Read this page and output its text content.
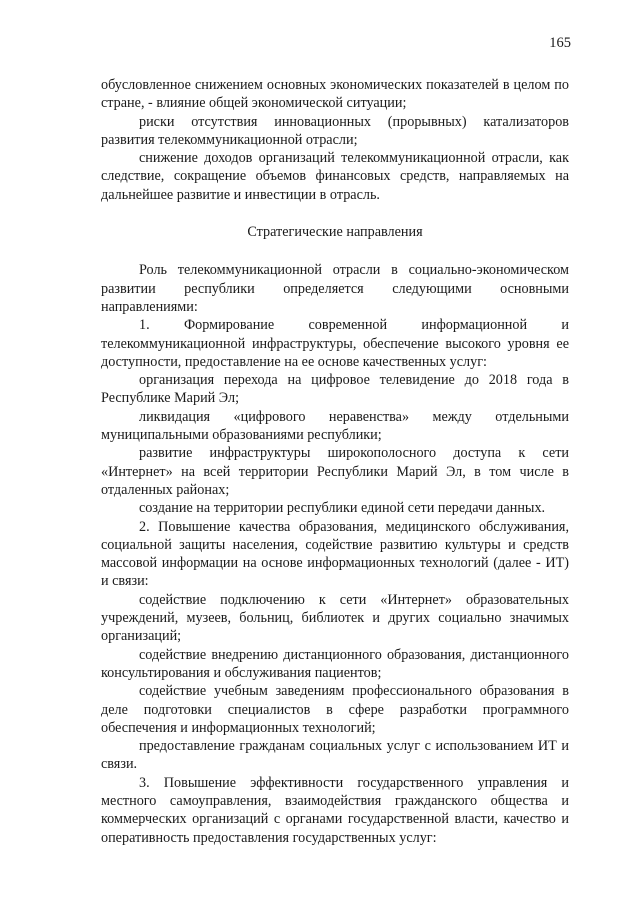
165

обусловленное снижением основных экономических показателей в целом по стране, - влияние общей экономической ситуации;

риски отсутствия инновационных (прорывных) катализаторов развития телекоммуникационной отрасли;

снижение доходов организаций телекоммуникационной отрасли, как следствие, сокращение объемов финансовых средств, направляемых на дальнейшее развитие и инвестиции в отрасль.

Стратегические направления

Роль телекоммуникационной отрасли в социально-экономическом развитии республики определяется следующими основными направлениями:

1. Формирование современной информационной и телекоммуникационной инфраструктуры, обеспечение высокого уровня ее доступности, предоставление на ее основе качественных услуг:

организация перехода на цифровое телевидение до 2018 года в Республике Марий Эл;

ликвидация «цифрового неравенства» между отдельными муниципальными образованиями республики;

развитие инфраструктуры широкополосного доступа к сети «Интернет» на всей территории Республики Марий Эл, в том числе в отдаленных районах;

создание на территории республики единой сети передачи данных.

2. Повышение качества образования, медицинского обслуживания, социальной защиты населения, содействие развитию культуры и средств массовой информации на основе информационных технологий (далее - ИТ) и связи:

содействие подключению к сети «Интернет» образовательных учреждений, музеев, больниц, библиотек и других социально значимых организаций;

содействие внедрению дистанционного образования, дистанционного консультирования и обслуживания пациентов;

содействие учебным заведениям профессионального образования в деле подготовки специалистов в сфере разработки программного обеспечения и информационных технологий;

предоставление гражданам социальных услуг с использованием ИТ и связи.

3. Повышение эффективности государственного управления и местного самоуправления, взаимодействия гражданского общества и коммерческих организаций с органами государственной власти, качество и оперативность предоставления государственных услуг:
